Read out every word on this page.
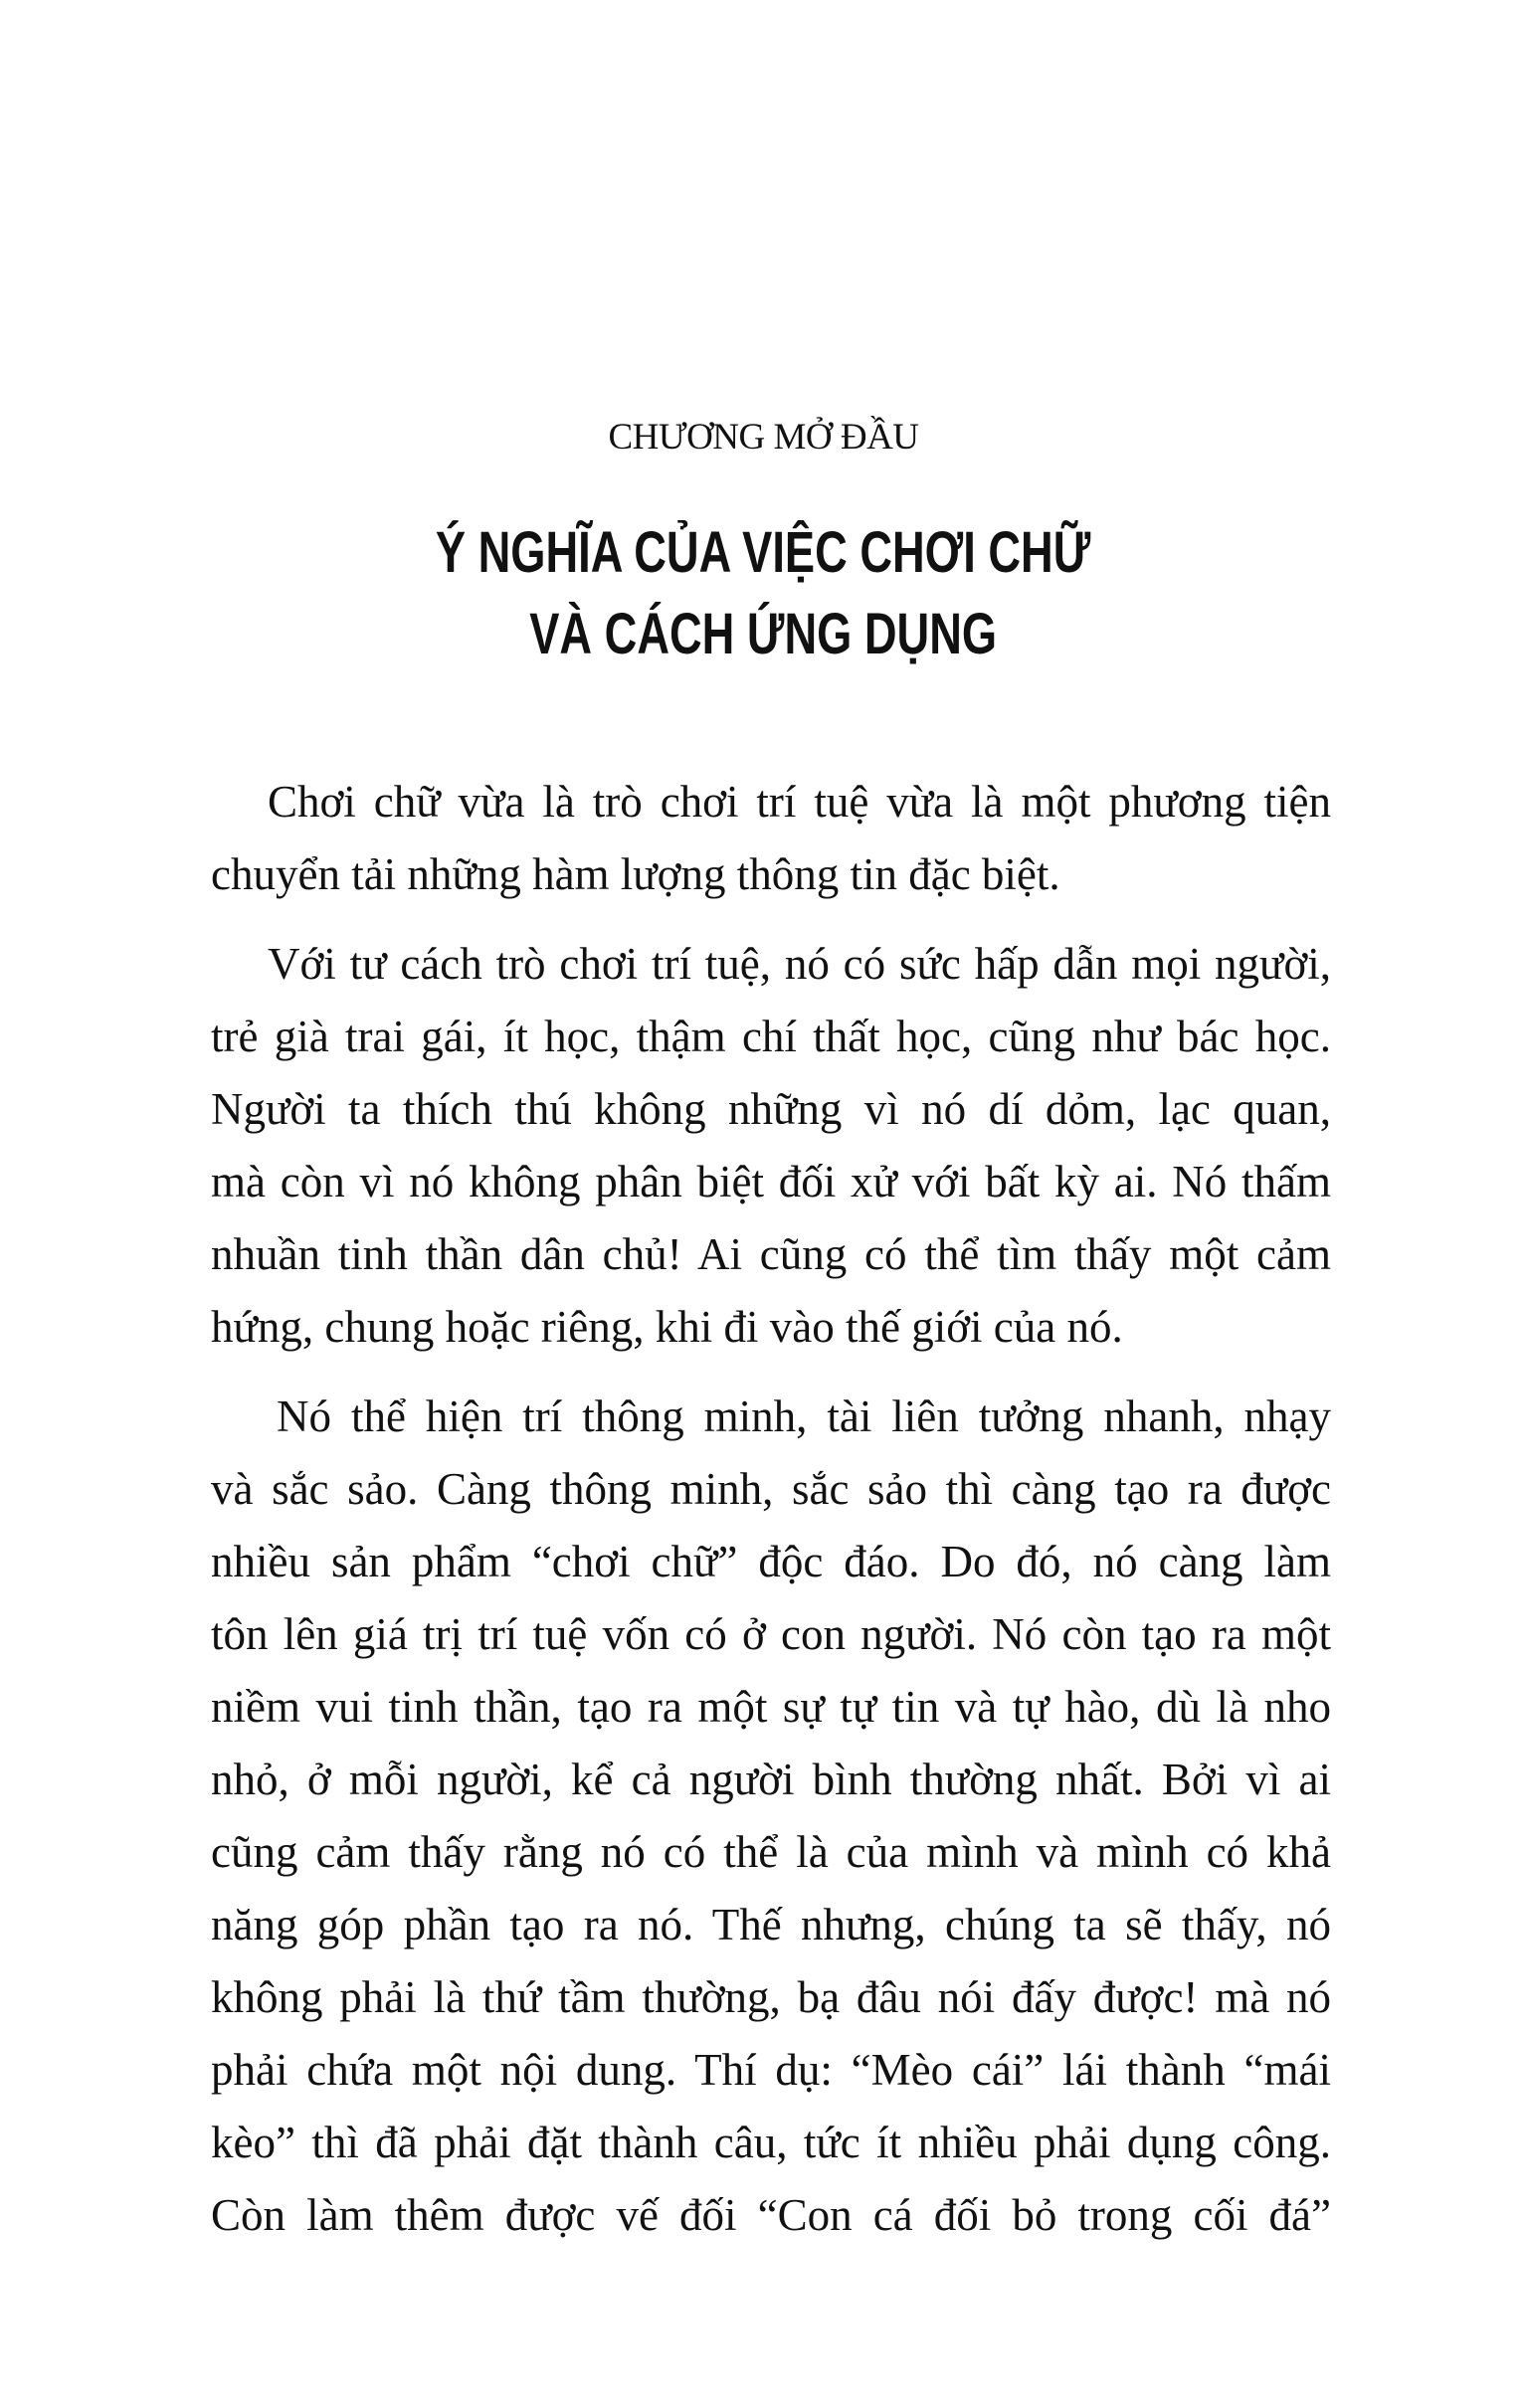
CHƯƠNG MỞ ĐẦU
Ý NGHĨA CỦA VIỆC CHƠI CHỮ
VÀ CÁCH ỨNG DỤNG
Chơi chữ vừa là trò chơi trí tuệ vừa là một phương tiện
chuyển tải những hàm lượng thông tin đặc biệt.
Với tư cách trò chơi trí tuệ, nó có sức hấp dẫn mọi người,
trẻ già trai gái, ít học, thậm chí thất học, cũng như bác học.
Người ta thích thú không những vì nó dí dỏm, lạc quan,
mà còn vì nó không phân biệt đối xử với bất kỳ ai. Nó thấm
nhuần tinh thần dân chủ! Ai cũng có thể tìm thấy một cảm
hứng, chung hoặc riêng, khi đi vào thế giới của nó.
Nó thể hiện trí thông minh, tài liên tưởng nhanh, nhạy
và sắc sảo. Càng thông minh, sắc sảo thì càng tạo ra được
nhiều sản phẩm “chơi chữ” độc đáo. Do đó, nó càng làm
tôn lên giá trị trí tuệ vốn có ở con người. Nó còn tạo ra một
niềm vui tinh thần, tạo ra một sự tự tin và tự hào, dù là nho
nhỏ, ở mỗi người, kể cả người bình thường nhất. Bởi vì ai
cũng cảm thấy rằng nó có thể là của mình và mình có khả
năng góp phần tạo ra nó. Thế nhưng, chúng ta sẽ thấy, nó
không phải là thứ tầm thường, bạ đâu nói đấy được! mà nó
phải chứa một nội dung. Thí dụ: “Mèo cái” lái thành “mái
kèo” thì đã phải đặt thành câu, tức ít nhiều phải dụng công.
Còn làm thêm được vế đối “Con cá đối bỏ trong cối đá”
